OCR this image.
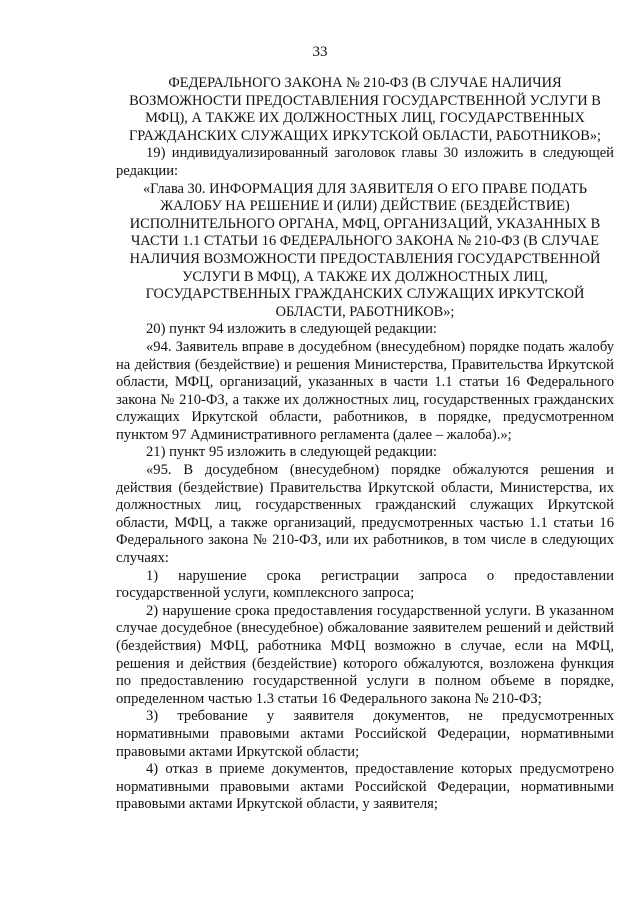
33

ФЕДЕРАЛЬНОГО ЗАКОНА № 210-ФЗ (В СЛУЧАЕ НАЛИЧИЯ ВОЗМОЖНОСТИ ПРЕДОСТАВЛЕНИЯ ГОСУДАРСТВЕННОЙ УСЛУГИ В МФЦ), А ТАКЖЕ ИХ ДОЛЖНОСТНЫХ ЛИЦ, ГОСУДАРСТВЕННЫХ ГРАЖДАНСКИХ СЛУЖАЩИХ ИРКУТСКОЙ ОБЛАСТИ, РАБОТНИКОВ»;

19) индивидуализированный заголовок главы 30 изложить в следующей редакции:

«Глава 30. ИНФОРМАЦИЯ ДЛЯ ЗАЯВИТЕЛЯ О ЕГО ПРАВЕ ПОДАТЬ ЖАЛОБУ НА РЕШЕНИЕ И (ИЛИ) ДЕЙСТВИЕ (БЕЗДЕЙСТВИЕ) ИСПОЛНИТЕЛЬНОГО ОРГАНА, МФЦ, ОРГАНИЗАЦИЙ, УКАЗАННЫХ В ЧАСТИ 1.1 СТАТЬИ 16 ФЕДЕРАЛЬНОГО ЗАКОНА № 210-ФЗ (В СЛУЧАЕ НАЛИЧИЯ ВОЗМОЖНОСТИ ПРЕДОСТАВЛЕНИЯ ГОСУДАРСТВЕННОЙ УСЛУГИ В МФЦ), А ТАКЖЕ ИХ ДОЛЖНОСТНЫХ ЛИЦ, ГОСУДАРСТВЕННЫХ ГРАЖДАНСКИХ СЛУЖАЩИХ ИРКУТСКОЙ ОБЛАСТИ, РАБОТНИКОВ»;

20) пункт 94 изложить в следующей редакции:

«94. Заявитель вправе в досудебном (внесудебном) порядке подать жалобу на действия (бездействие) и решения Министерства, Правительства Иркутской области, МФЦ, организаций, указанных в части 1.1 статьи 16 Федерального закона № 210-ФЗ, а также их должностных лиц, государственных гражданских служащих Иркутской области, работников, в порядке, предусмотренном пунктом 97 Административного регламента (далее – жалоба).»;

21) пункт 95 изложить в следующей редакции:

«95. В досудебном (внесудебном) порядке обжалуются решения и действия (бездействие) Правительства Иркутской области, Министерства, их должностных лиц, государственных гражданский служащих Иркутской области, МФЦ, а также организаций, предусмотренных частью 1.1 статьи 16 Федерального закона № 210-ФЗ, или их работников, в том числе в следующих случаях:

1) нарушение срока регистрации запроса о предоставлении государственной услуги, комплексного запроса;

2) нарушение срока предоставления государственной услуги. В указанном случае досудебное (внесудебное) обжалование заявителем решений и действий (бездействия) МФЦ, работника МФЦ возможно в случае, если на МФЦ, решения и действия (бездействие) которого обжалуются, возложена функция по предоставлению государственной услуги в полном объеме в порядке, определенном частью 1.3 статьи 16 Федерального закона № 210-ФЗ;

3) требование у заявителя документов, не предусмотренных нормативными правовыми актами Российской Федерации, нормативными правовыми актами Иркутской области;

4) отказ в приеме документов, предоставление которых предусмотрено нормативными правовыми актами Российской Федерации, нормативными правовыми актами Иркутской области, у заявителя;
